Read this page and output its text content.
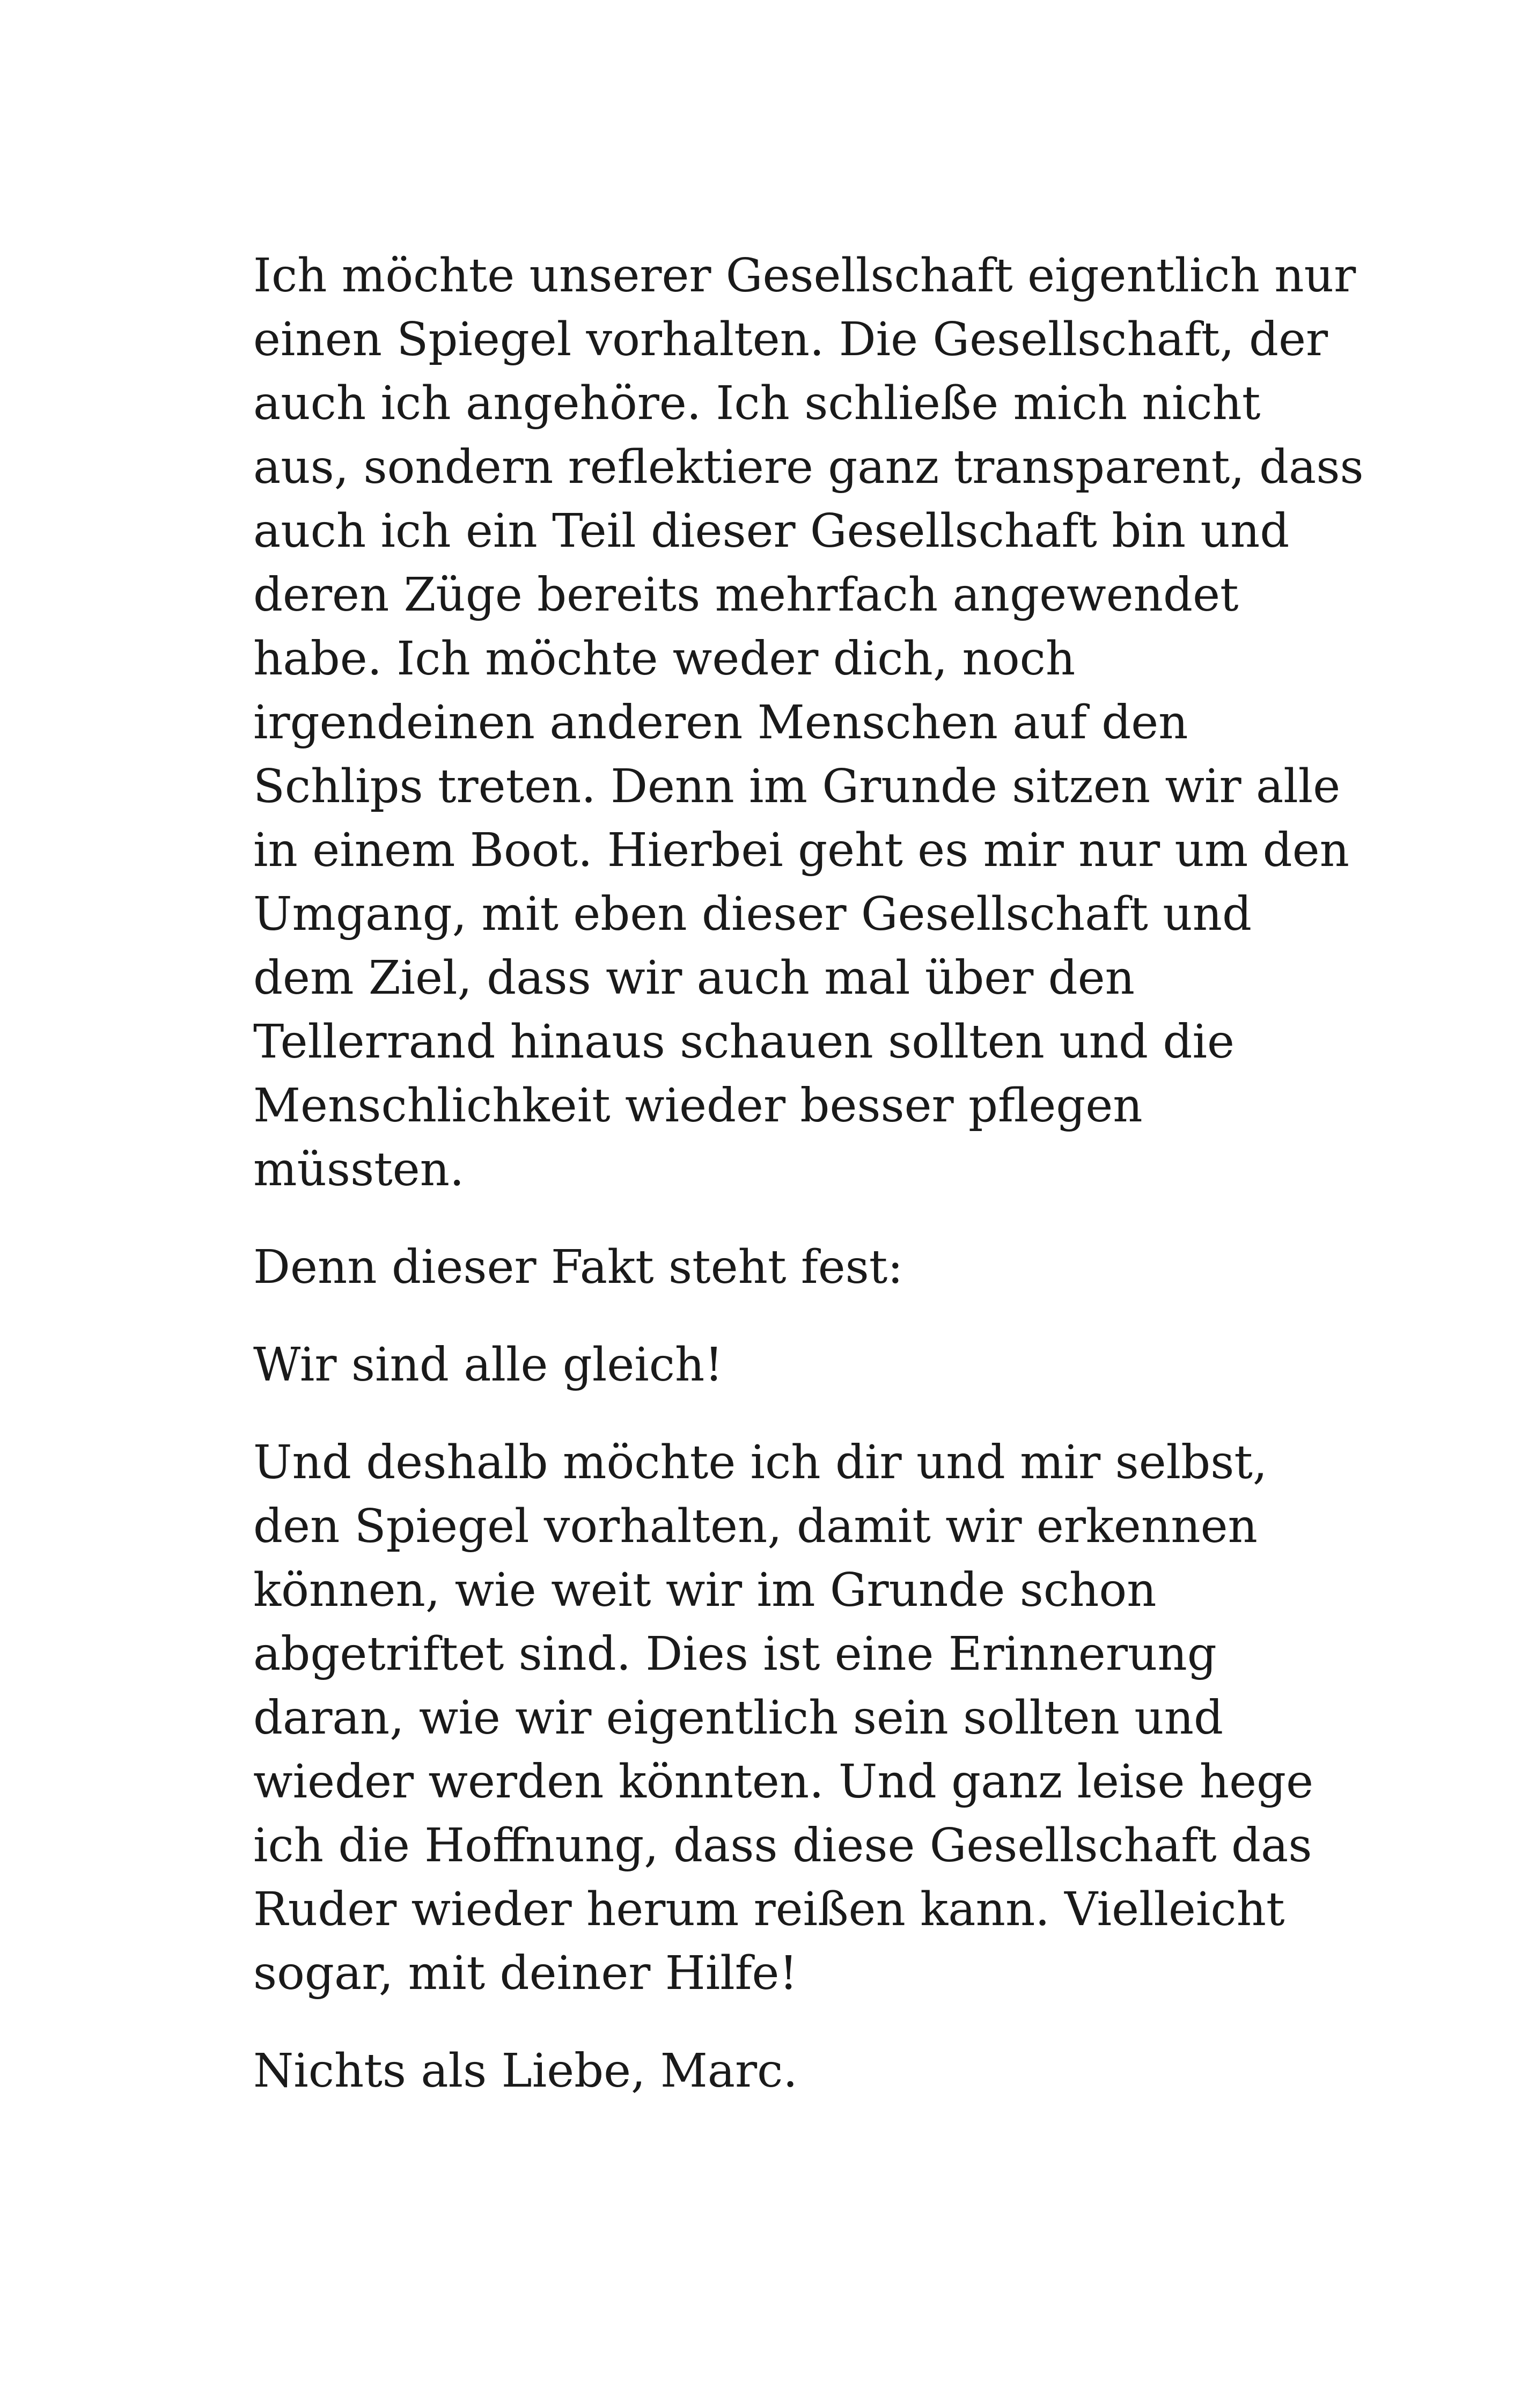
Ich möchte unserer Gesellschaft eigentlich nur
einen Spiegel vorhalten. Die Gesellschaft, der
auch ich angehöre. Ich schließe mich nicht
aus, sondern reflektiere ganz transparent, dass
auch ich ein Teil dieser Gesellschaft bin und
deren Züge bereits mehrfach angewendet
habe. Ich möchte weder dich, noch
irgendeinen anderen Menschen auf den
Schlips treten. Denn im Grunde sitzen wir alle
in einem Boot. Hierbei geht es mir nur um den
Umgang, mit eben dieser Gesellschaft und
dem Ziel, dass wir auch mal über den
Tellerrand hinaus schauen sollten und die
Menschlichkeit wieder besser pflegen
müssten.
Denn dieser Fakt steht fest:
Wir sind alle gleich!
Und deshalb möchte ich dir und mir selbst,
den Spiegel vorhalten, damit wir erkennen
können, wie weit wir im Grunde schon
abgetriftet sind. Dies ist eine Erinnerung
daran, wie wir eigentlich sein sollten und
wieder werden könnten. Und ganz leise hege
ich die Hoffnung, dass diese Gesellschaft das
Ruder wieder herum reißen kann. Vielleicht
sogar, mit deiner Hilfe!
Nichts als Liebe, Marc.
